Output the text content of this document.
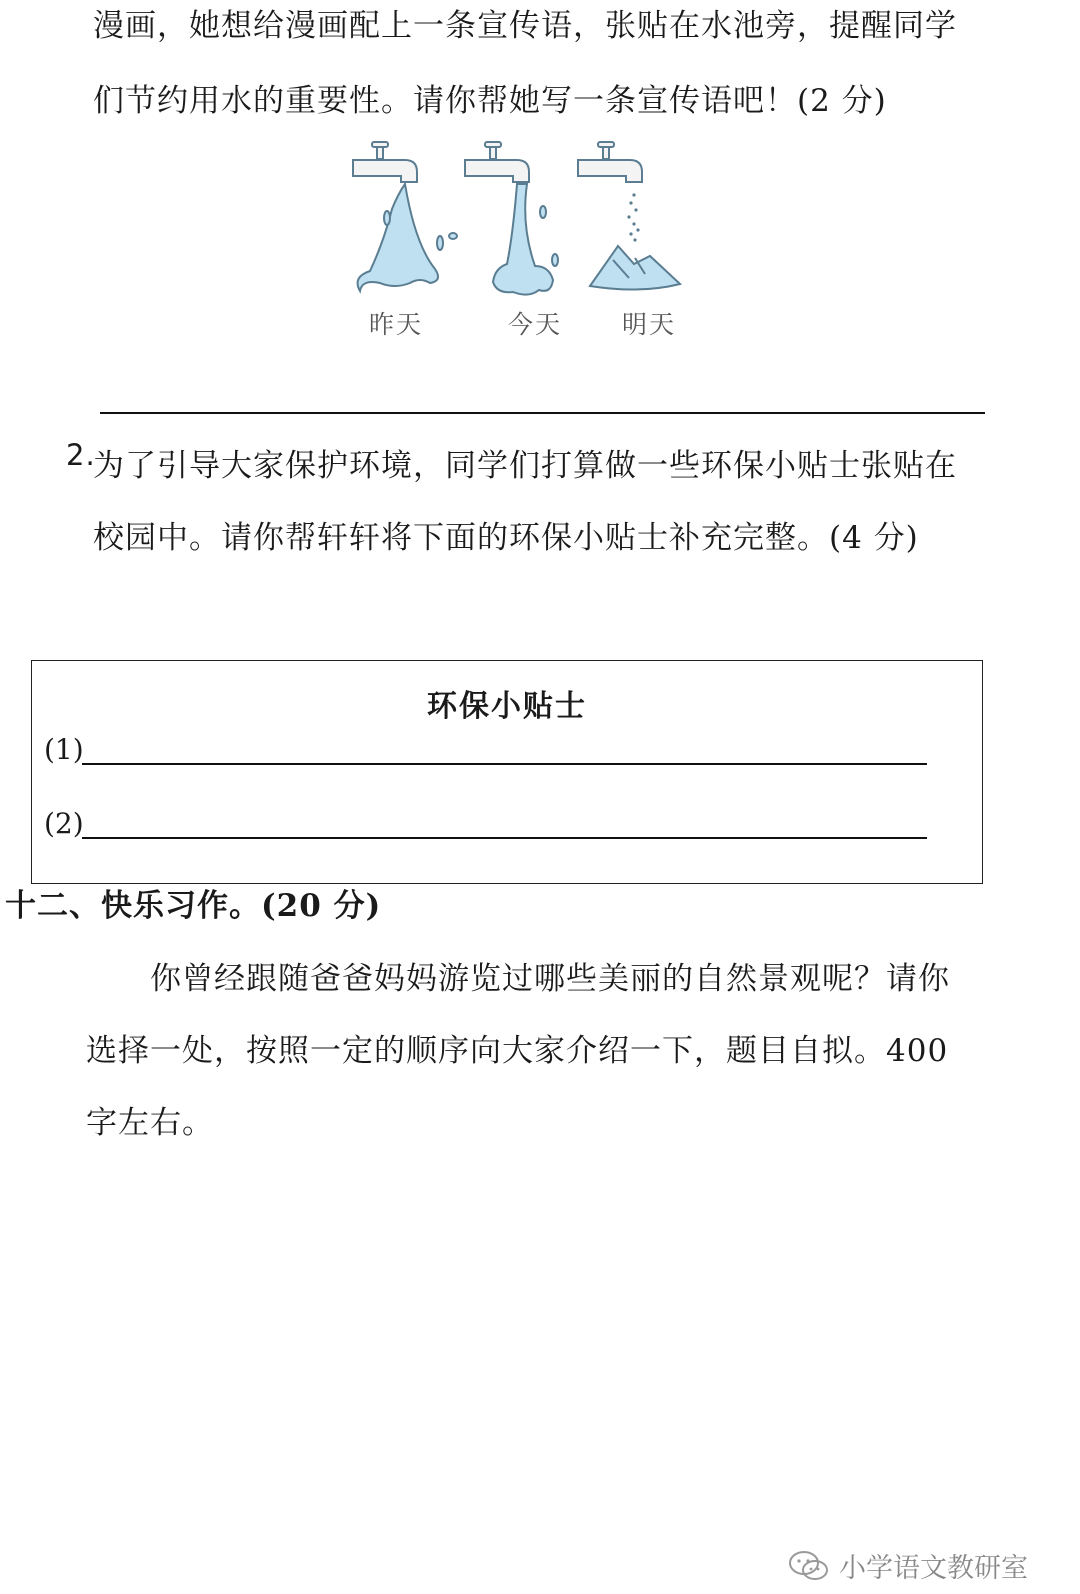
漫画，她想给漫画配上一条宣传语，张贴在水池旁，提醒同学
们节约用水的重要性。请你帮她写一条宣传语吧！(2 分)
昨天	今天 明天
2.
为了引导大家保护环境，同学们打算做一些环保小贴士张贴在
校园中。请你帮轩轩将下面的环保小贴士补充完整。(4 分)
环保小贴士
(1)
(2)
十二、快乐习作。(20 分)
你曾经跟随爸爸妈妈游览过哪些美丽的自然景观呢？请你
选择一处，按照一定的顺序向大家介绍一下，题目自拟。400
字左右。
小学语文教研室
